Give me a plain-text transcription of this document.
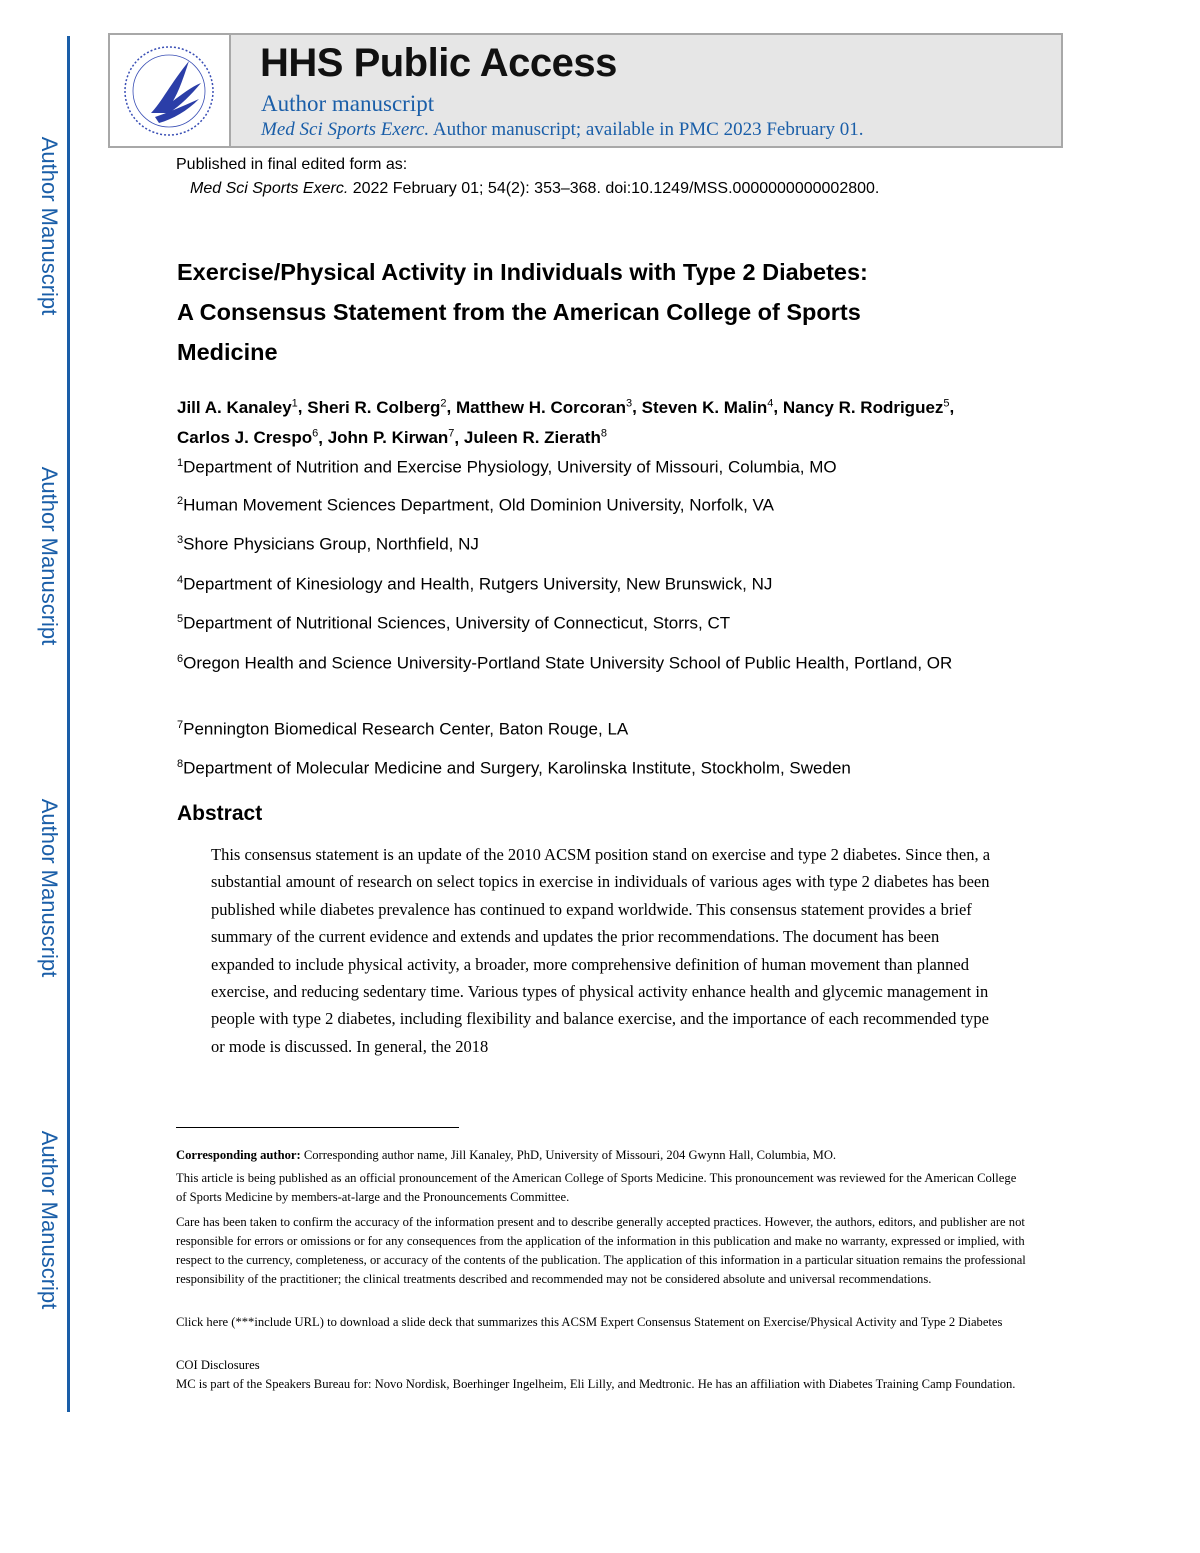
Author Manuscript
Author Manuscript
Author Manuscript
Author Manuscript
HHS Public Access
Author manuscript
Med Sci Sports Exerc. Author manuscript; available in PMC 2023 February 01.
Published in final edited form as:
Med Sci Sports Exerc. 2022 February 01; 54(2): 353–368. doi:10.1249/MSS.0000000000002800.
Exercise/Physical Activity in Individuals with Type 2 Diabetes:
A Consensus Statement from the American College of Sports
Medicine
Jill A. Kanaley$^1$, Sheri R. Colberg$^2$, Matthew H. Corcoran$^3$, Steven K. Malin$^4$, Nancy R. Rodriguez$^5$, Carlos J. Crespo$^6$, John P. Kirwan$^7$, Juleen R. Zierath$^8$
$^1$Department of Nutrition and Exercise Physiology, University of Missouri, Columbia, MO
$^2$Human Movement Sciences Department, Old Dominion University, Norfolk, VA
$^3$Shore Physicians Group, Northfield, NJ
$^4$Department of Kinesiology and Health, Rutgers University, New Brunswick, NJ
$^5$Department of Nutritional Sciences, University of Connecticut, Storrs, CT
$^6$Oregon Health and Science University-Portland State University School of Public Health, Portland, OR
$^7$Pennington Biomedical Research Center, Baton Rouge, LA
$^8$Department of Molecular Medicine and Surgery, Karolinska Institute, Stockholm, Sweden
Abstract
This consensus statement is an update of the 2010 ACSM position stand on exercise and type 2 diabetes. Since then, a substantial amount of research on select topics in exercise in individuals of various ages with type 2 diabetes has been published while diabetes prevalence has continued to expand worldwide. This consensus statement provides a brief summary of the current evidence and extends and updates the prior recommendations. The document has been expanded to include physical activity, a broader, more comprehensive definition of human movement than planned exercise, and reducing sedentary time. Various types of physical activity enhance health and glycemic management in people with type 2 diabetes, including flexibility and balance exercise, and the importance of each recommended type or mode is discussed. In general, the 2018
Corresponding author: Corresponding author name, Jill Kanaley, PhD, University of Missouri, 204 Gwynn Hall, Columbia, MO.
This article is being published as an official pronouncement of the American College of Sports Medicine. This pronouncement was reviewed for the American College of Sports Medicine by members-at-large and the Pronouncements Committee.
Care has been taken to confirm the accuracy of the information present and to describe generally accepted practices. However, the authors, editors, and publisher are not responsible for errors or omissions or for any consequences from the application of the information in this publication and make no warranty, expressed or implied, with respect to the currency, completeness, or accuracy of the contents of the publication. The application of this information in a particular situation remains the professional responsibility of the practitioner; the clinical treatments described and recommended may not be considered absolute and universal recommendations.
Click here (***include URL) to download a slide deck that summarizes this ACSM Expert Consensus Statement on Exercise/Physical Activity and Type 2 Diabetes
COI Disclosures
MC is part of the Speakers Bureau for: Novo Nordisk, Boerhinger Ingelheim, Eli Lilly, and Medtronic. He has an affiliation with Diabetes Training Camp Foundation.
